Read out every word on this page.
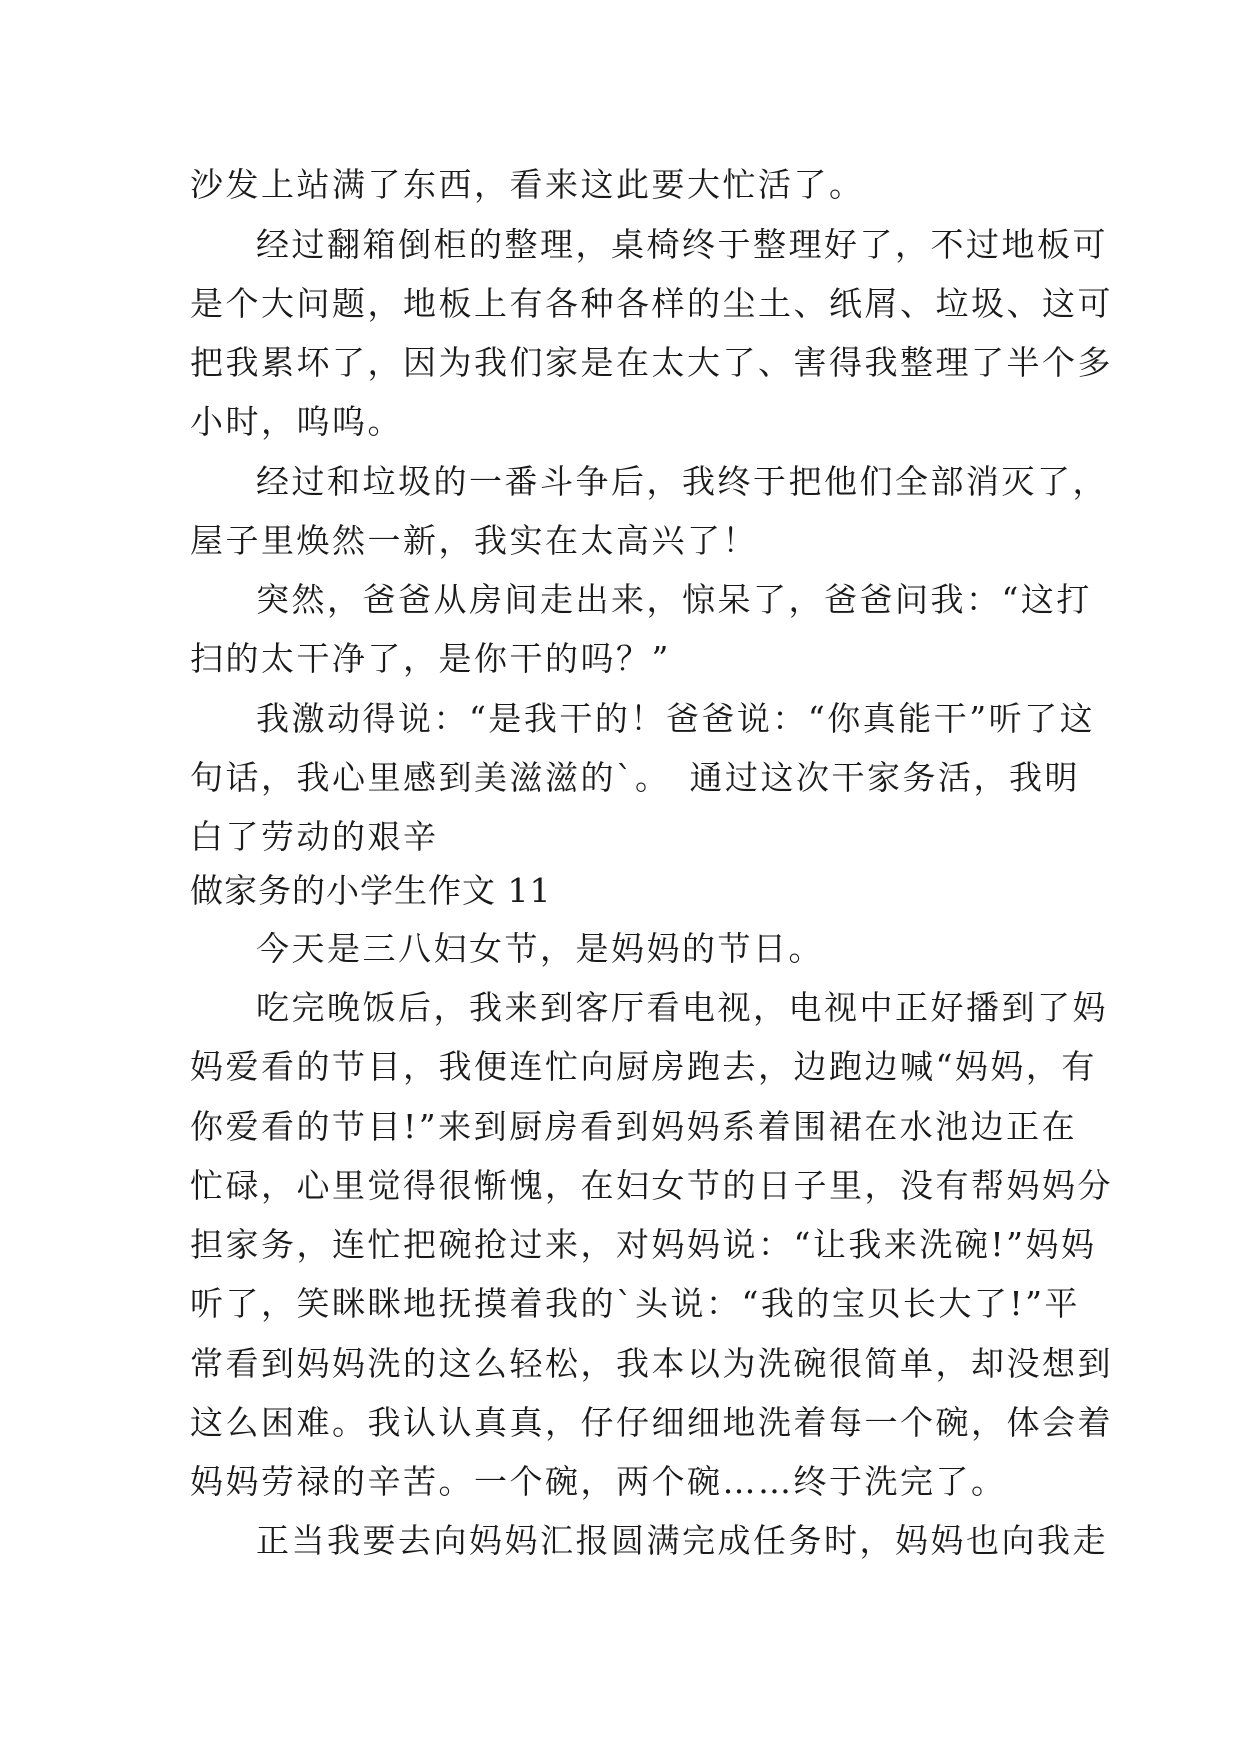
沙发上站满了东西，看来这此要大忙活了。
经过翻箱倒柜的整理，桌椅终于整理好了，不过地板可
是个大问题，地板上有各种各样的尘土、纸屑、垃圾、这可
把我累坏了，因为我们家是在太大了、害得我整理了半个多
小时，呜呜。
经过和垃圾的一番斗争后，我终于把他们全部消灭了，
屋子里焕然一新，我实在太高兴了！
突然，爸爸从房间走出来，惊呆了，爸爸问我：“这打
扫的太干净了，是你干的吗？”
我激动得说：“是我干的！爸爸说：“你真能干”听了这
句话，我心里感到美滋滋的`。　通过这次干家务活，我明
白了劳动的艰辛
做家务的小学生作文 11
今天是三八妇女节，是妈妈的节日。
吃完晚饭后，我来到客厅看电视，电视中正好播到了妈
妈爱看的节目，我便连忙向厨房跑去，边跑边喊“妈妈，有
你爱看的节目!”来到厨房看到妈妈系着围裙在水池边正在
忙碌，心里觉得很惭愧，在妇女节的日子里，没有帮妈妈分
担家务，连忙把碗抢过来，对妈妈说：“让我来洗碗!”妈妈
听了，笑眯眯地抚摸着我的`头说：“我的宝贝长大了!”平
常看到妈妈洗的这么轻松，我本以为洗碗很简单，却没想到
这么困难。我认认真真，仔仔细细地洗着每一个碗，体会着
妈妈劳禄的辛苦。一个碗，两个碗……终于洗完了。
正当我要去向妈妈汇报圆满完成任务时，妈妈也向我走
